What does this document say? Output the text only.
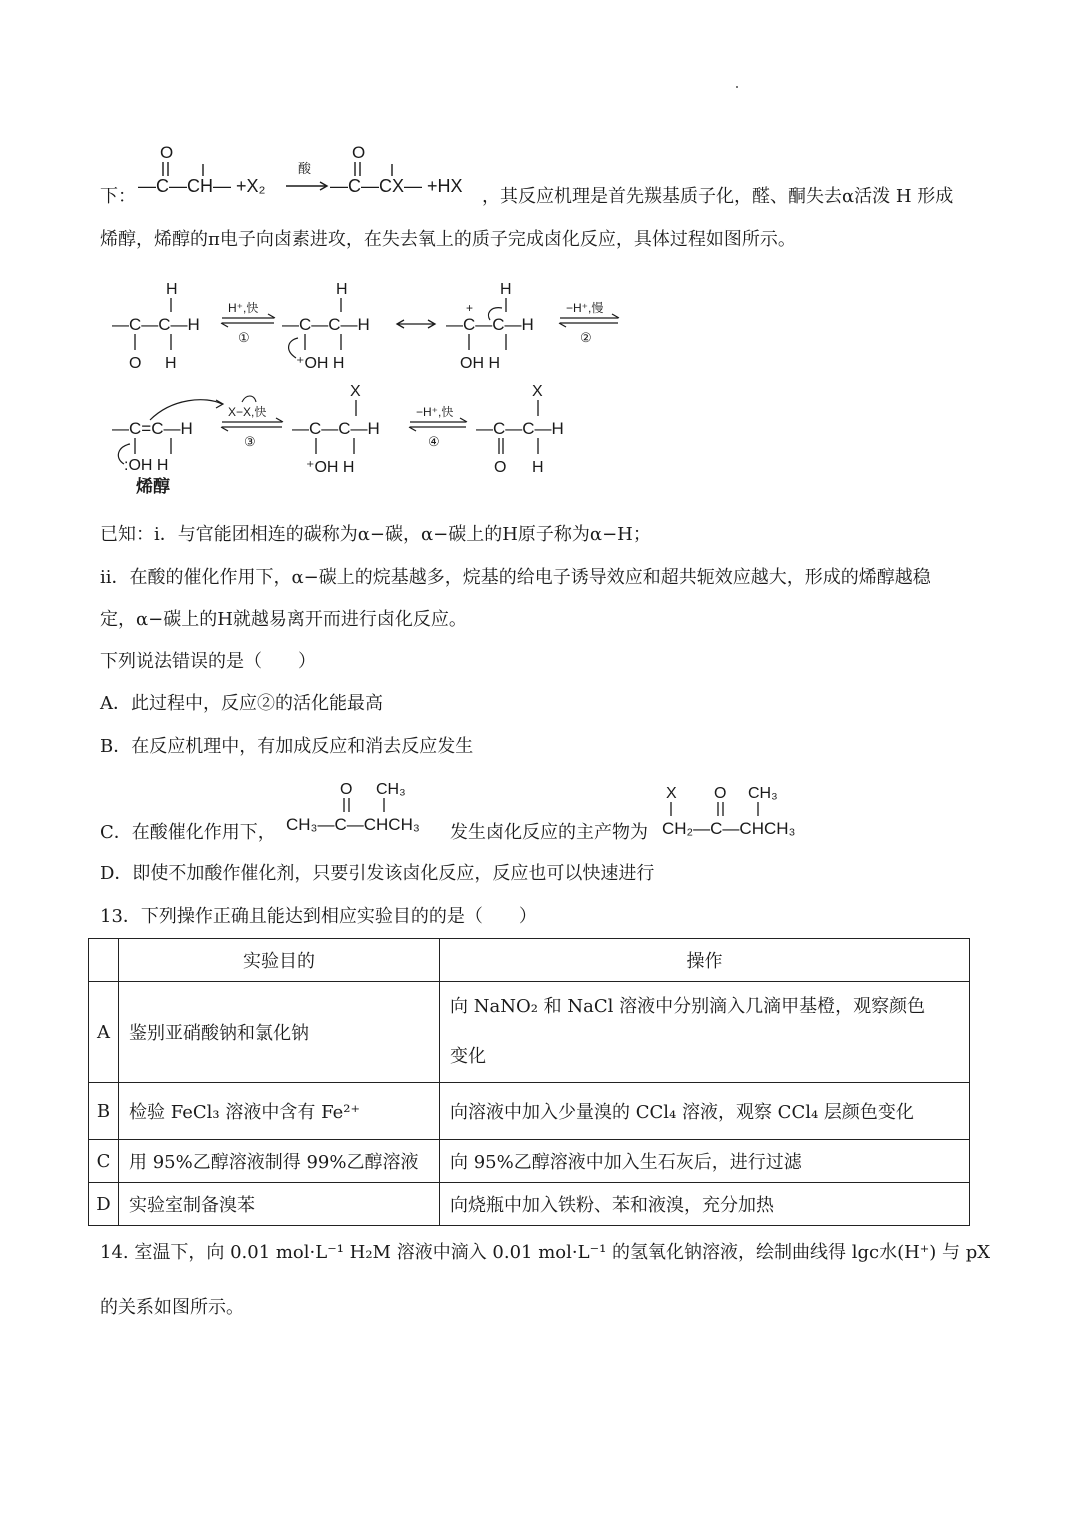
下：
O
—C—CH— +X₂
酸
O
—C—CX— +HX ，其反应机理是首先羰基质子化，醛、酮失去α活泼 H 形成
烯醇，烯醇的π电子向卤素进攻，在失去氧上的质子完成卤化反应，具体过程如图所示。
H
—C—C—H
O H
H⁺,快
①
H
—C—C—H
⁺OH H
H
+
—C—C—H
OH H
−H⁺,慢
②
—C=C—H
:OH H
烯醇
X−X,快
③
X
—C—C—H
⁺OH H
−H⁺,快
④
X
—C—C—H
O H
已知：i．与官能团相连的碳称为α−碳，α−碳上的H原子称为α−H；
ii．在酸的催化作用下，α−碳上的烷基越多，烷基的给电子诱导效应和超共轭效应越大，形成的烯醇越稳
定，α−碳上的H就越易离开而进行卤化反应。
下列说法错误的是（　　）
A．此过程中，反应②的活化能最高
B．在反应机理中，有加成反应和消去反应发生
C．在酸催化作用下，
O CH₃
CH₃—C—CHCH₃ 发生卤化反应的主产物为
X O CH₃
CH₂—C—CHCH₃
D．即使不加酸作催化剂，只要引发该卤化反应，反应也可以快速进行
13．下列操作正确且能达到相应实验目的的是（　　）
	实验目的	操作
A	鉴别亚硝酸钠和氯化钠	向 NaNO₂ 和 NaCl 溶液中分别滴入几滴甲基橙，观察颜色
变化

B	检验 FeCl₃ 溶液中含有 Fe²⁺	向溶液中加入少量溴的 CCl₄ 溶液，观察 CCl₄ 层颜色变化
C	用 95%乙醇溶液制得 99%乙醇溶液	向 95%乙醇溶液中加入生石灰后，进行过滤
D	实验室制备溴苯	向烧瓶中加入铁粉、苯和液溴，充分加热
14. 室温下，向 0.01 mol·L⁻¹ H₂M 溶液中滴入 0.01 mol·L⁻¹ 的氢氧化钠溶液，绘制曲线得 lgc水(H⁺) 与 pX
的关系如图所示。
